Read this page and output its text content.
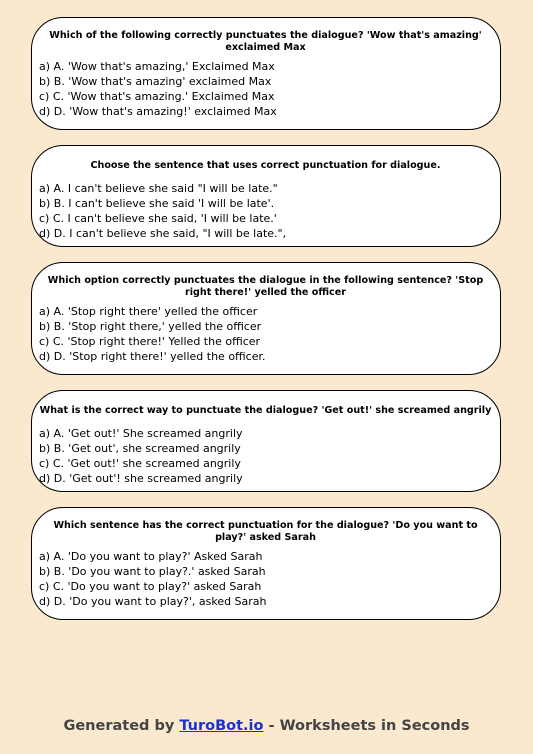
Which of the following correctly punctuates the dialogue? 'Wow that's amazing' exclaimed Max
a) A. 'Wow that's amazing,' Exclaimed Max
b) B. 'Wow that's amazing' exclaimed Max
c) C. 'Wow that's amazing.' Exclaimed Max
d) D. 'Wow that's amazing!' exclaimed Max
Choose the sentence that uses correct punctuation for dialogue.
a) A. I can't believe she said "I will be late."
b) B. I can't believe she said 'I will be late'.
c) C. I can't believe she said, 'I will be late.'
d) D. I can't believe she said, "I will be late.",
Which option correctly punctuates the dialogue in the following sentence? 'Stop right there!' yelled the officer
a) A. 'Stop right there' yelled the officer
b) B. 'Stop right there,' yelled the officer
c) C. 'Stop right there!' Yelled the officer
d) D. 'Stop right there!' yelled the officer.
What is the correct way to punctuate the dialogue? 'Get out!' she screamed angrily
a) A. 'Get out!' She screamed angrily
b) B. 'Get out', she screamed angrily
c) C. 'Get out!' she screamed angrily
d) D. 'Get out'! she screamed angrily
Which sentence has the correct punctuation for the dialogue? 'Do you want to play?' asked Sarah
a) A. 'Do you want to play?' Asked Sarah
b) B. 'Do you want to play?.' asked Sarah
c) C. 'Do you want to play?' asked Sarah
d) D. 'Do you want to play?', asked Sarah
Generated by TuroBot.io - Worksheets in Seconds
